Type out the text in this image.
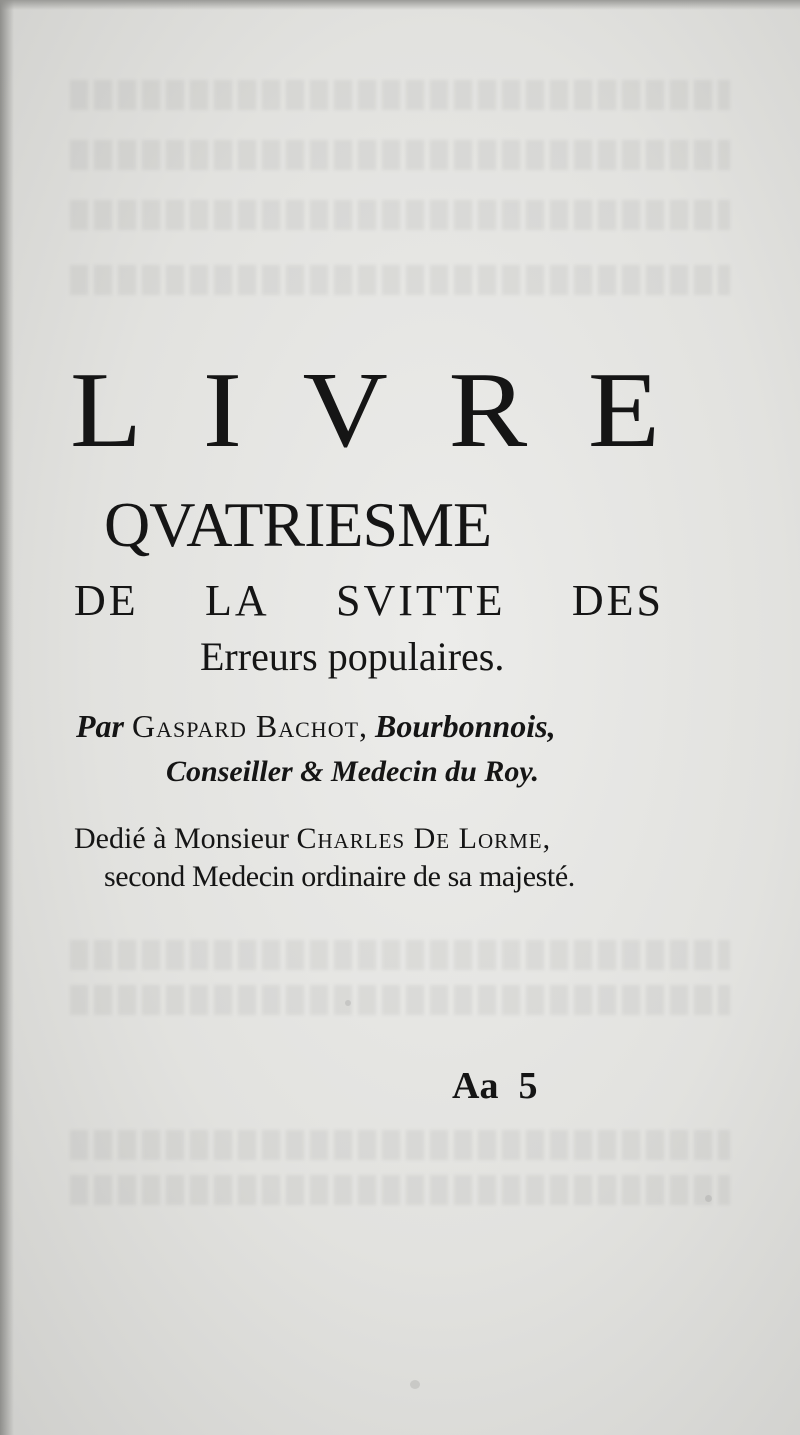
L I V R E
QVATRIESME
DE LA SVITTE DES
Erreurs populaires.
Par Gaspard Bachot, Bourbonnois,
Conseiller & Medecin du Roy.
Dedié à Monsieur Charles De Lorme,
second Medecin ordinaire de sa majesté.
Aa 5
